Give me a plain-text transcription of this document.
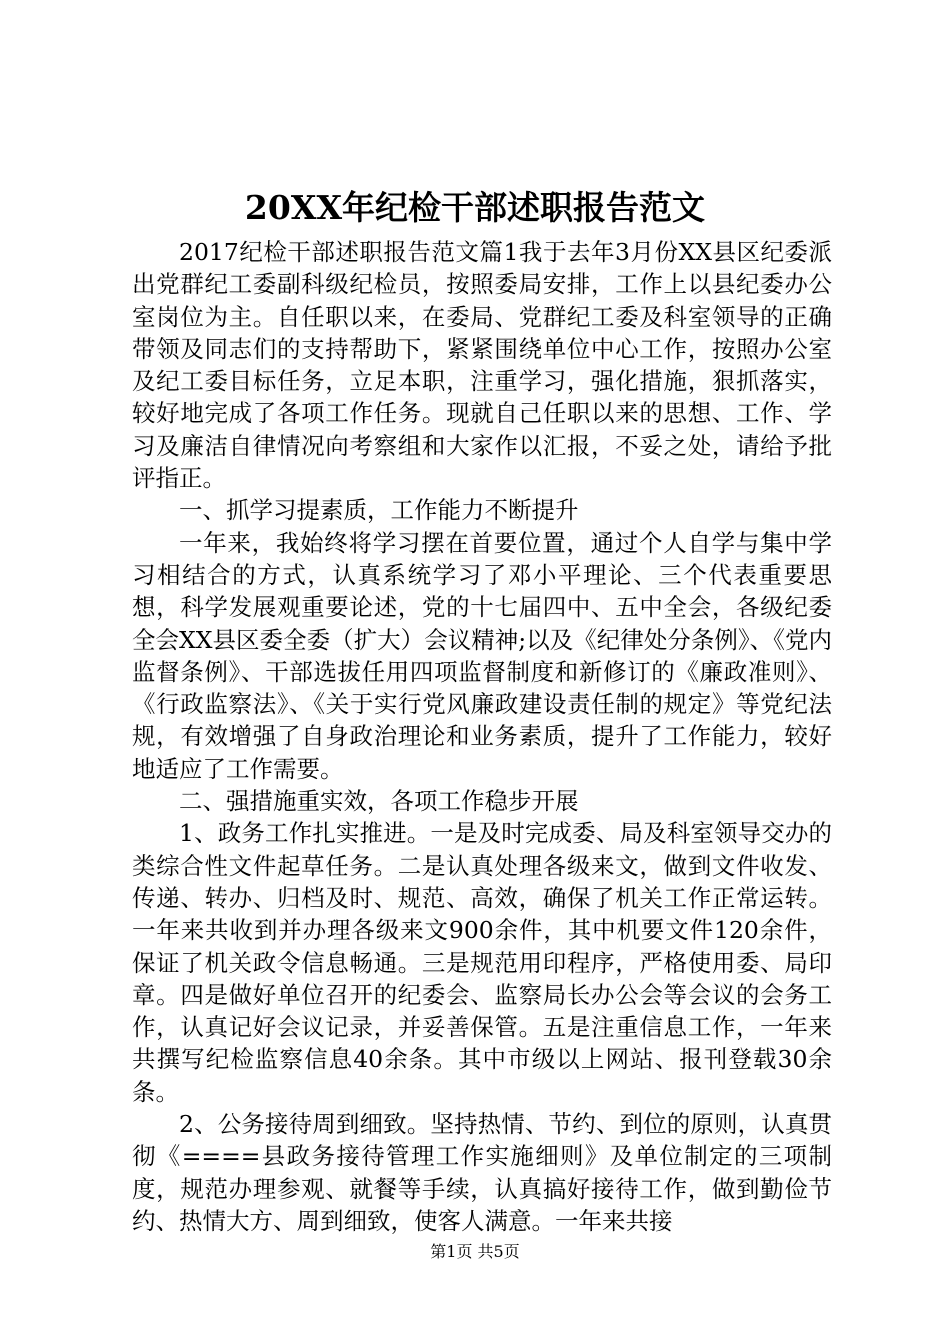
20XX年纪检干部述职报告范文

2017纪检干部述职报告范文篇1我于去年3月份XX县区纪委派出党群纪工委副科级纪检员，按照委局安排，工作上以县纪委办公室岗位为主。自任职以来，在委局、党群纪工委及科室领导的正确带领及同志们的支持帮助下，紧紧围绕单位中心工作，按照办公室及纪工委目标任务，立足本职，注重学习，强化措施，狠抓落实，较好地完成了各项工作任务。现就自己任职以来的思想、工作、学习及廉洁自律情况向考察组和大家作以汇报，不妥之处，请给予批评指正。

一、抓学习提素质，工作能力不断提升

一年来，我始终将学习摆在首要位置，通过个人自学与集中学习相结合的方式，认真系统学习了邓小平理论、三个代表重要思想，科学发展观重要论述，党的十七届四中、五中全会，各级纪委全会XX县区委全委（扩大）会议精神;以及《纪律处分条例》、《党内监督条例》、干部选拔任用四项监督制度和新修订的《廉政准则》、《行政监察法》、《关于实行党风廉政建设责任制的规定》等党纪法规，有效增强了自身政治理论和业务素质，提升了工作能力，较好地适应了工作需要。

二、强措施重实效，各项工作稳步开展

1、政务工作扎实推进。一是及时完成委、局及科室领导交办的类综合性文件起草任务。二是认真处理各级来文，做到文件收发、传递、转办、归档及时、规范、高效，确保了机关工作正常运转。一年来共收到并办理各级来文900余件，其中机要文件120余件，保证了机关政令信息畅通。三是规范用印程序，严格使用委、局印章。四是做好单位召开的纪委会、监察局长办公会等会议的会务工作，认真记好会议记录，并妥善保管。五是注重信息工作，一年来共撰写纪检监察信息40余条。其中市级以上网站、报刊登载30余条。

2、公务接待周到细致。坚持热情、节约、到位的原则，认真贯彻《====县政务接待管理工作实施细则》及单位制定的三项制度，规范办理参观、就餐等手续，认真搞好接待工作，做到勤俭节约、热情大方、周到细致，使客人满意。一年来共接

第1页 共5页
